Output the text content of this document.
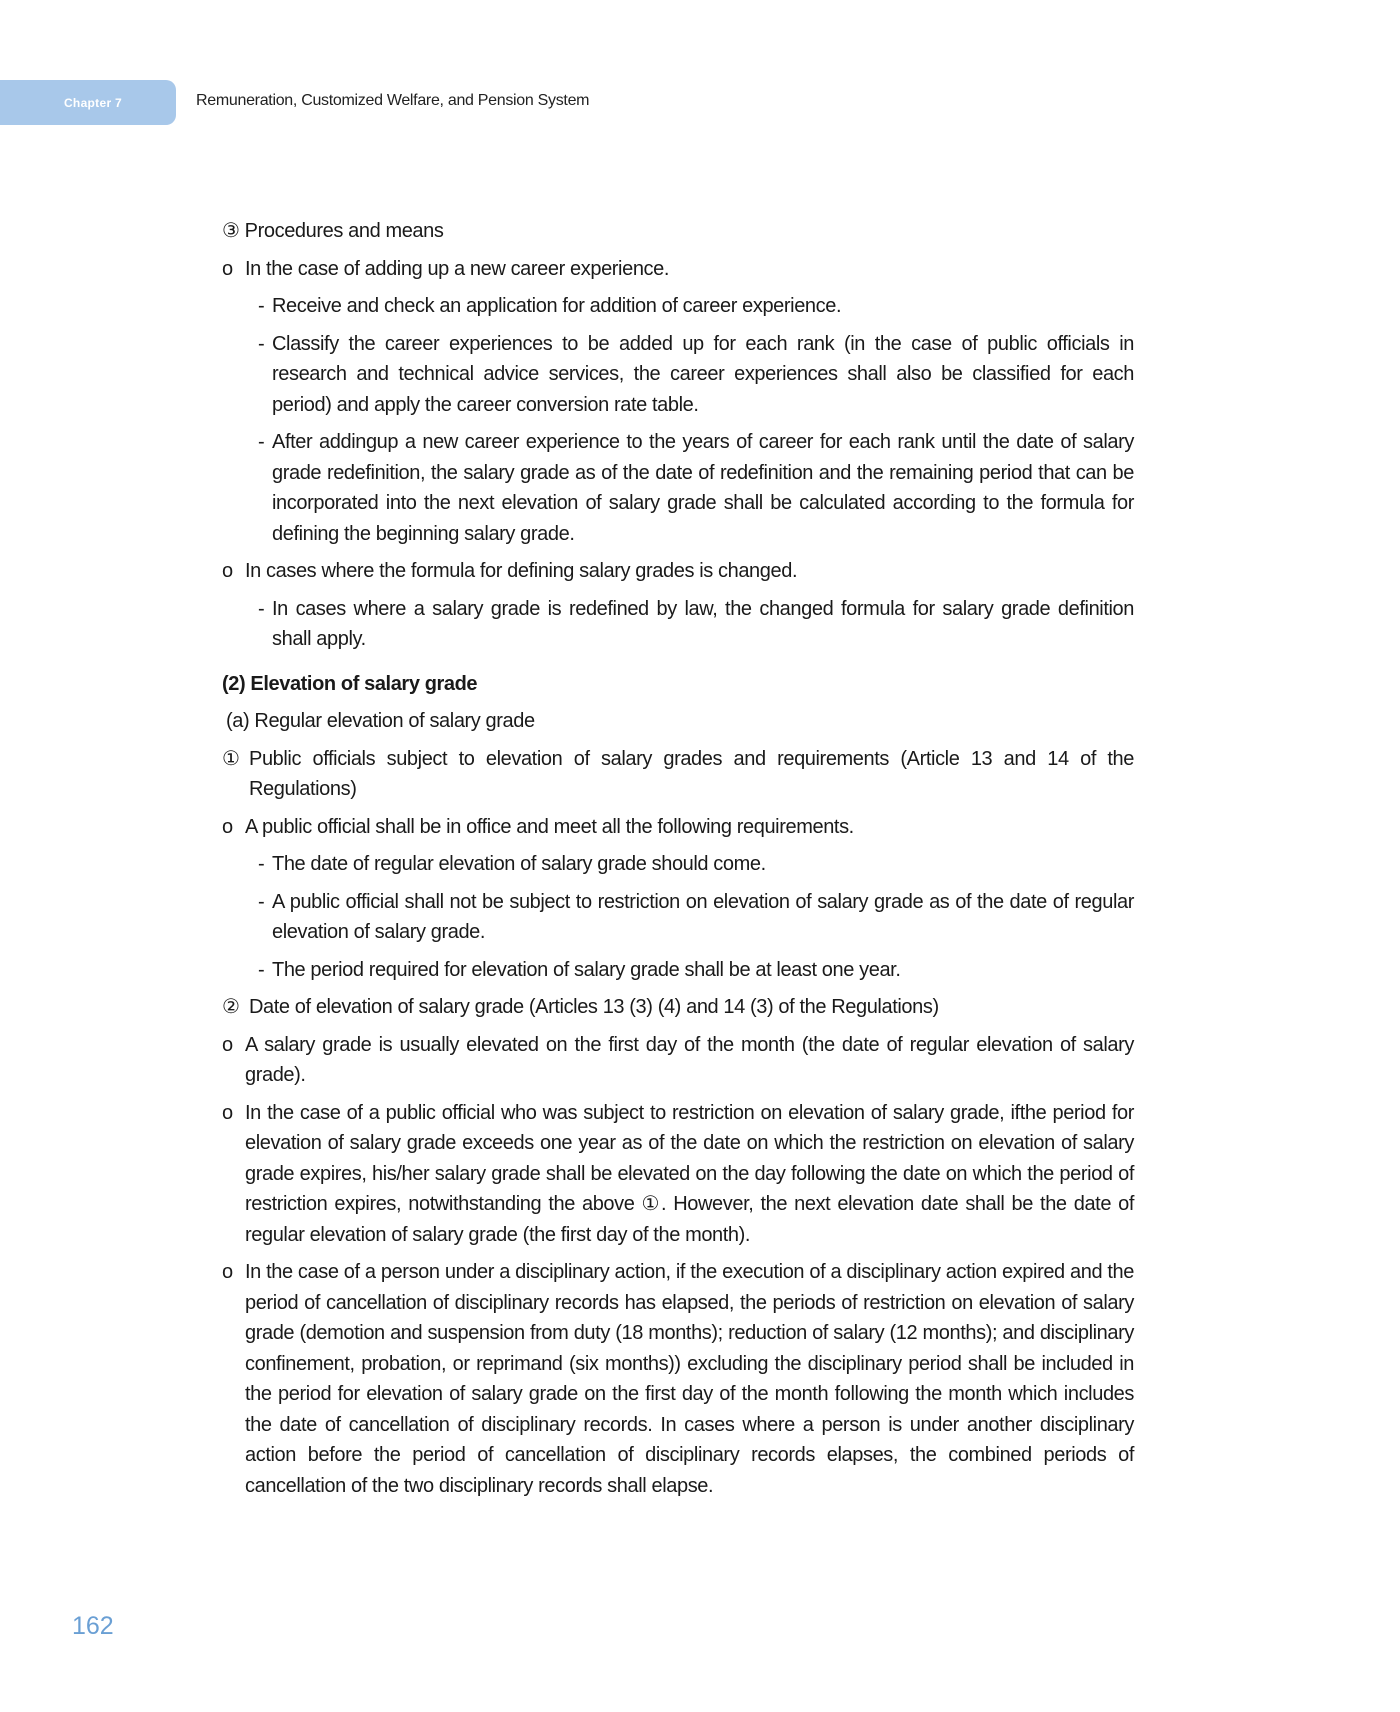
Chapter 7	Remuneration, Customized Welfare, and Pension System

③ Procedures and means

o In the case of adding up a new career experience.

- Receive and check an application for addition of career experience.
- Classify the career experiences to be added up for each rank (in the case of public officials in research and technical advice services, the career experiences shall also be classified for each period) and apply the career conversion rate table.
- After addingup a new career experience to the years of career for each rank until the date of salary grade redefinition, the salary grade as of the date of redefinition and the remaining period that can be incorporated into the next elevation of salary grade shall be calculated according to the formula for defining the beginning salary grade.

o In cases where the formula for defining salary grades is changed.

- In cases where a salary grade is redefined by law, the changed formula for salary grade definition shall apply.

(2) Elevation of salary grade

(a) Regular elevation of salary grade

① Public officials subject to elevation of salary grades and requirements (Article 13 and 14 of the Regulations)

o A public official shall be in office and meet all the following requirements.

- The date of regular elevation of salary grade should come.
- A public official shall not be subject to restriction on elevation of salary grade as of the date of regular elevation of salary grade.
- The period required for elevation of salary grade shall be at least one year.

② Date of elevation of salary grade (Articles 13 (3) (4) and 14 (3) of the Regulations)

o A salary grade is usually elevated on the first day of the month (the date of regular elevation of salary grade).

o In the case of a public official who was subject to restriction on elevation of salary grade, ifthe period for elevation of salary grade exceeds one year as of the date on which the restriction on elevation of salary grade expires, his/her salary grade shall be elevated on the day following the date on which the period of restriction expires, notwithstanding the above ①. However, the next elevation date shall be the date of regular elevation of salary grade (the first day of the month).

o In the case of a person under a disciplinary action, if the execution of a disciplinary action expired and the period of cancellation of disciplinary records has elapsed, the periods of restriction on elevation of salary grade (demotion and suspension from duty (18 months); reduction of salary (12 months); and disciplinary confinement, probation, or reprimand (six months)) excluding the disciplinary period shall be included in the period for elevation of salary grade on the first day of the month following the month which includes the date of cancellation of disciplinary records. In cases where a person is under another disciplinary action before the period of cancellation of disciplinary records elapses, the combined periods of cancellation of the two disciplinary records shall elapse.

162
